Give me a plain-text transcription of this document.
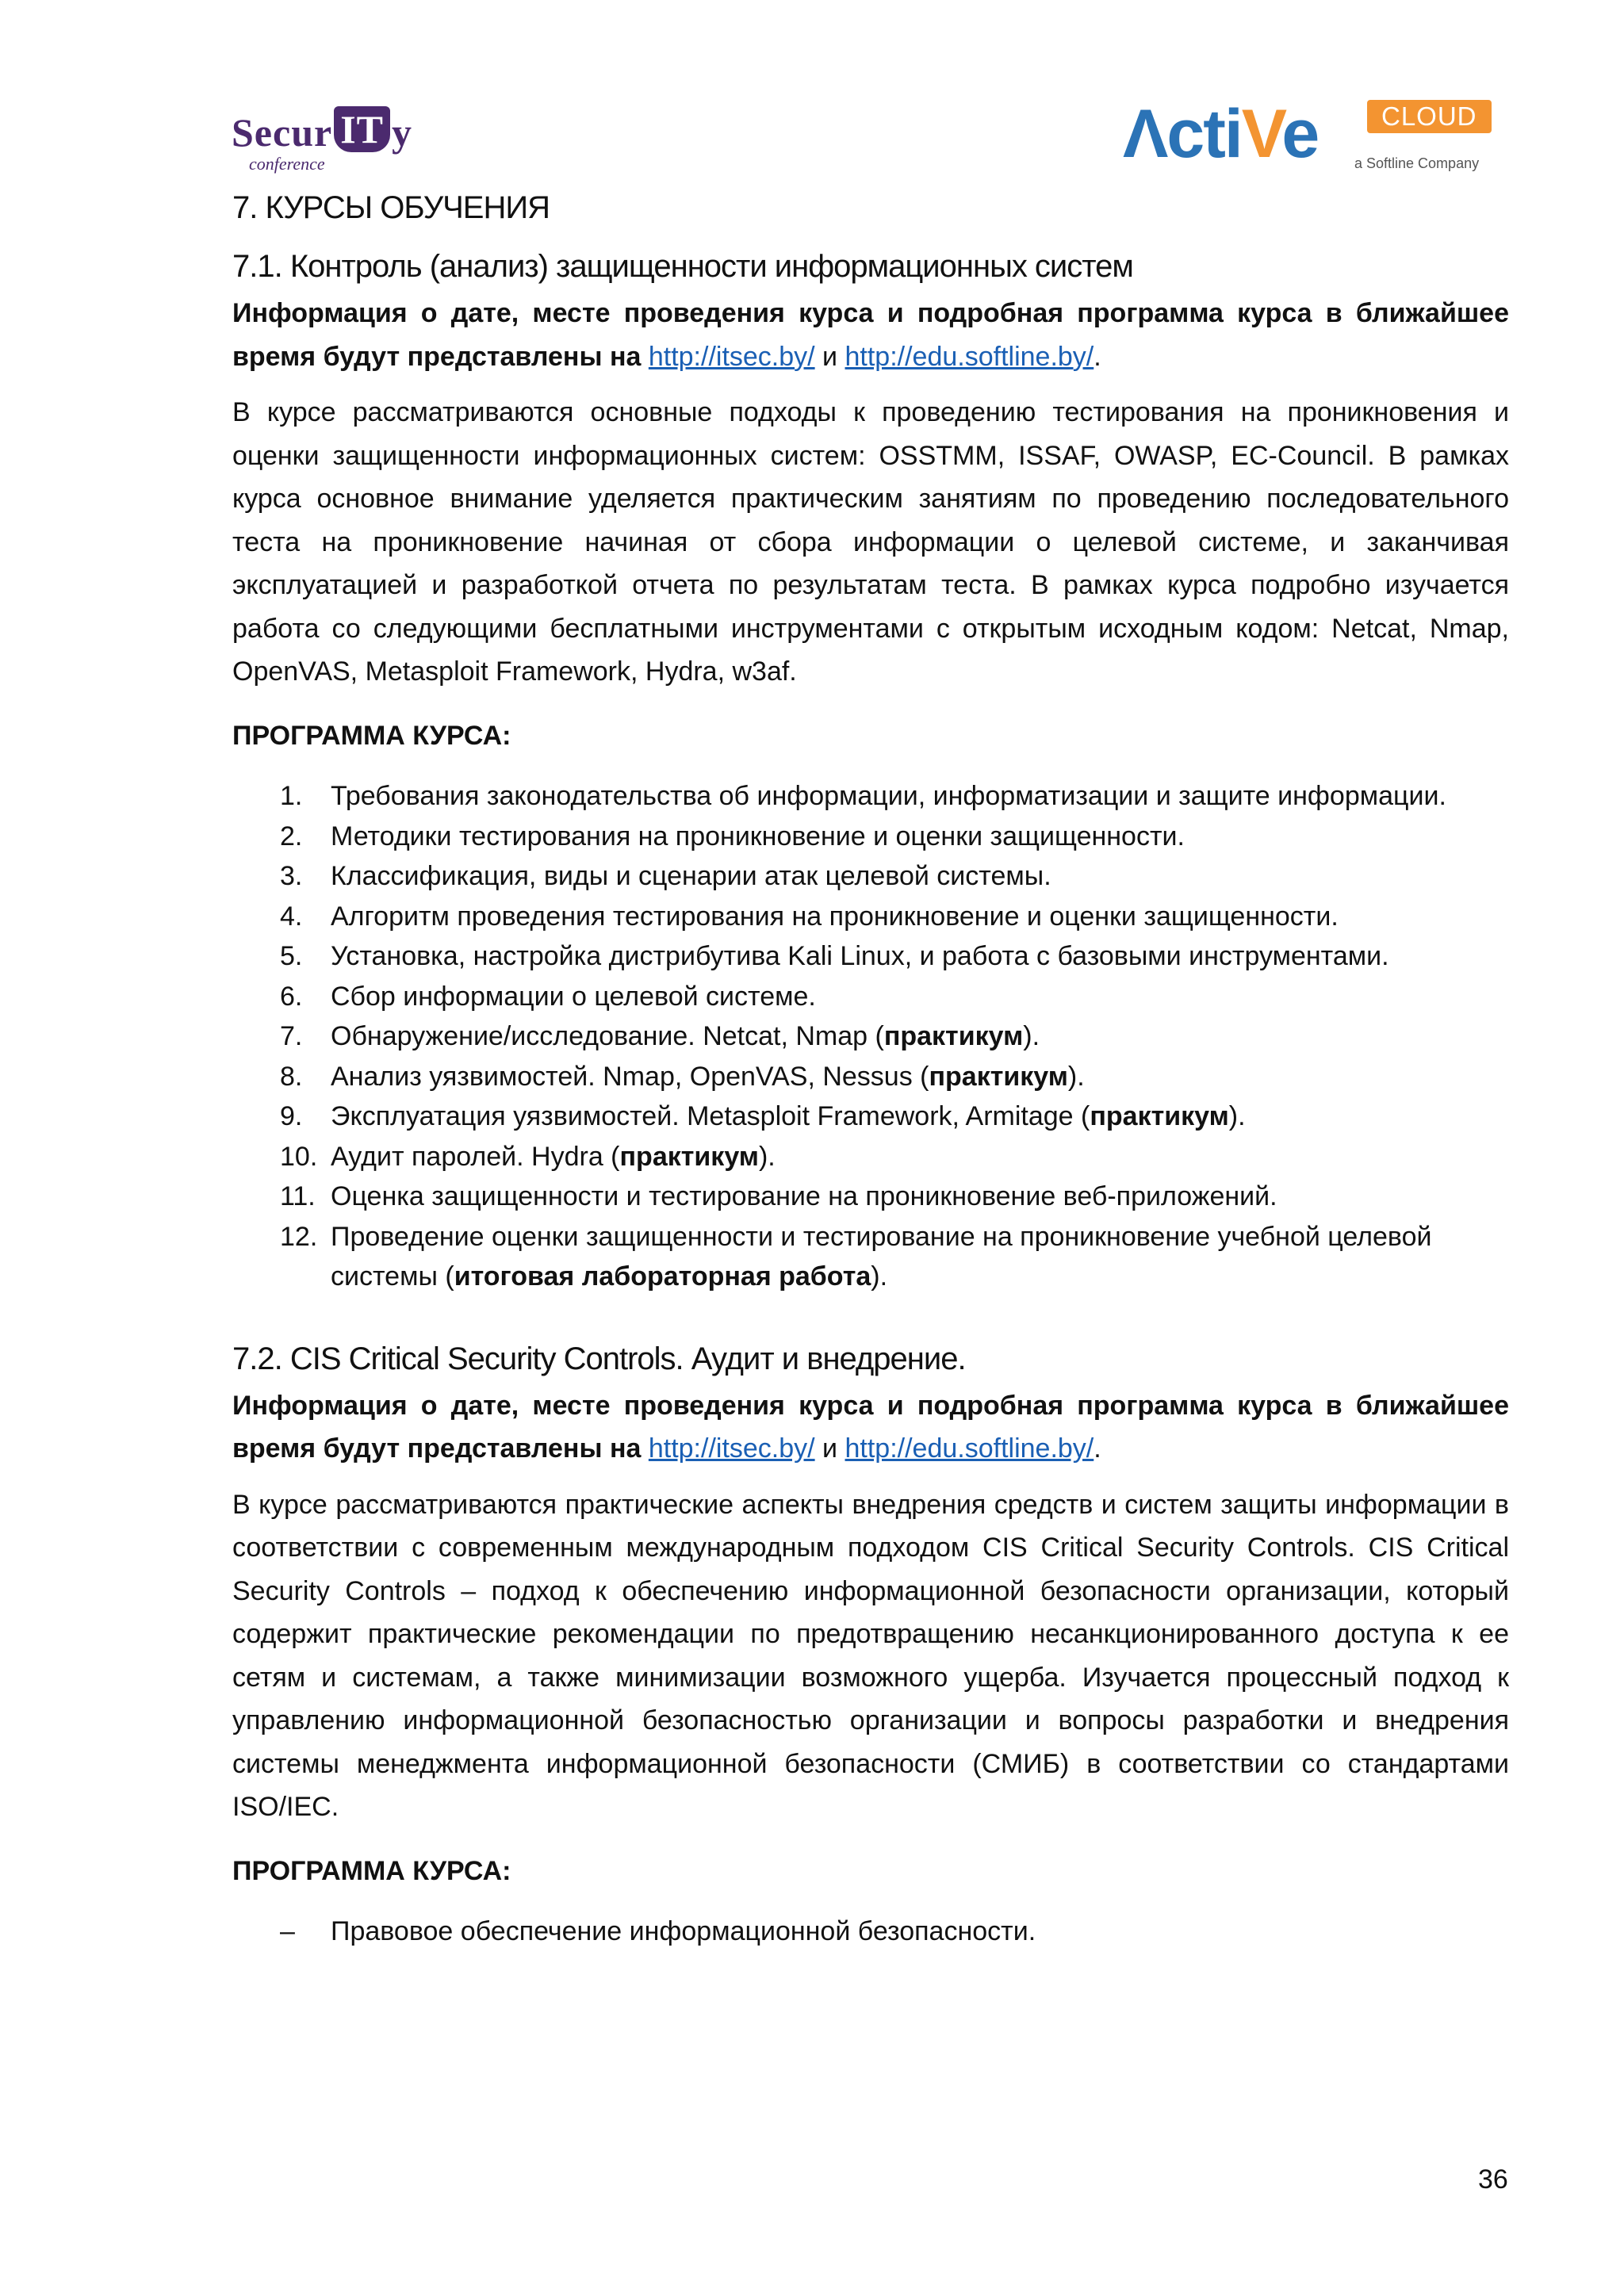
Secur IT y
conference	ΛctiVe	CLOUD
a Softline Company
7. КУРСЫ ОБУЧЕНИЯ
7.1. Контроль (анализ) защищенности информационных систем

Информация о дате, месте проведения курса и подробная программа курса в ближайшее время будут представлены на http://itsec.by/ и http://edu.softline.by/.

В курсе рассматриваются основные подходы к проведению тестирования на проникновения и оценки защищенности информационных систем: OSSTMM, ISSAF, OWASP, EC-Council. В рамках курса основное внимание уделяется практическим занятиям по проведению последовательного теста на проникновение начиная от сбора информации о целевой системе, и заканчивая эксплуатацией и разработкой отчета по результатам теста. В рамках курса подробно изучается работа со следующими бесплатными инструментами с открытым исходным кодом: Netcat, Nmap, OpenVAS, Metasploit Framework, Hydra, w3af.

ПРОГРАММА КУРСА:
1. Требования законодательства об информации, информатизации и защите информации.
2. Методики тестирования на проникновение и оценки защищенности.
3. Классификация, виды и сценарии атак целевой системы.
4. Алгоритм проведения тестирования на проникновение и оценки защищенности.
5. Установка, настройка дистрибутива Kali Linux, и работа с базовыми инструментами.
6. Сбор информации о целевой системе.
7. Обнаружение/исследование. Netcat, Nmap (практикум).
8. Анализ уязвимостей. Nmap, OpenVAS, Nessus (практикум).
9. Эксплуатация уязвимостей. Metasploit Framework, Armitage (практикум).
10. Аудит паролей. Hydra (практикум).
11. Оценка защищенности и тестирование на проникновение веб-приложений.
12. Проведение оценки защищенности и тестирование на проникновение учебной целевой системы (итоговая лабораторная работа).
7.2. CIS Critical Security Controls. Аудит и внедрение.

Информация о дате, месте проведения курса и подробная программа курса в ближайшее время будут представлены на http://itsec.by/ и http://edu.softline.by/.

В курсе рассматриваются практические аспекты внедрения средств и систем защиты информации в соответствии с современным международным подходом CIS Critical Security Controls. CIS Critical Security Controls – подход к обеспечению информационной безопасности организации, который содержит практические рекомендации по предотвращению несанкционированного доступа к ее сетям и системам, а также минимизации возможного ущерба. Изучается процессный подход к управлению информационной безопасностью организации и вопросы разработки и внедрения системы менеджмента информационной безопасности (СМИБ) в соответствии со стандартами ISO/IEC.

ПРОГРАММА КУРСА:
– Правовое обеспечение информационной безопасности.
36
